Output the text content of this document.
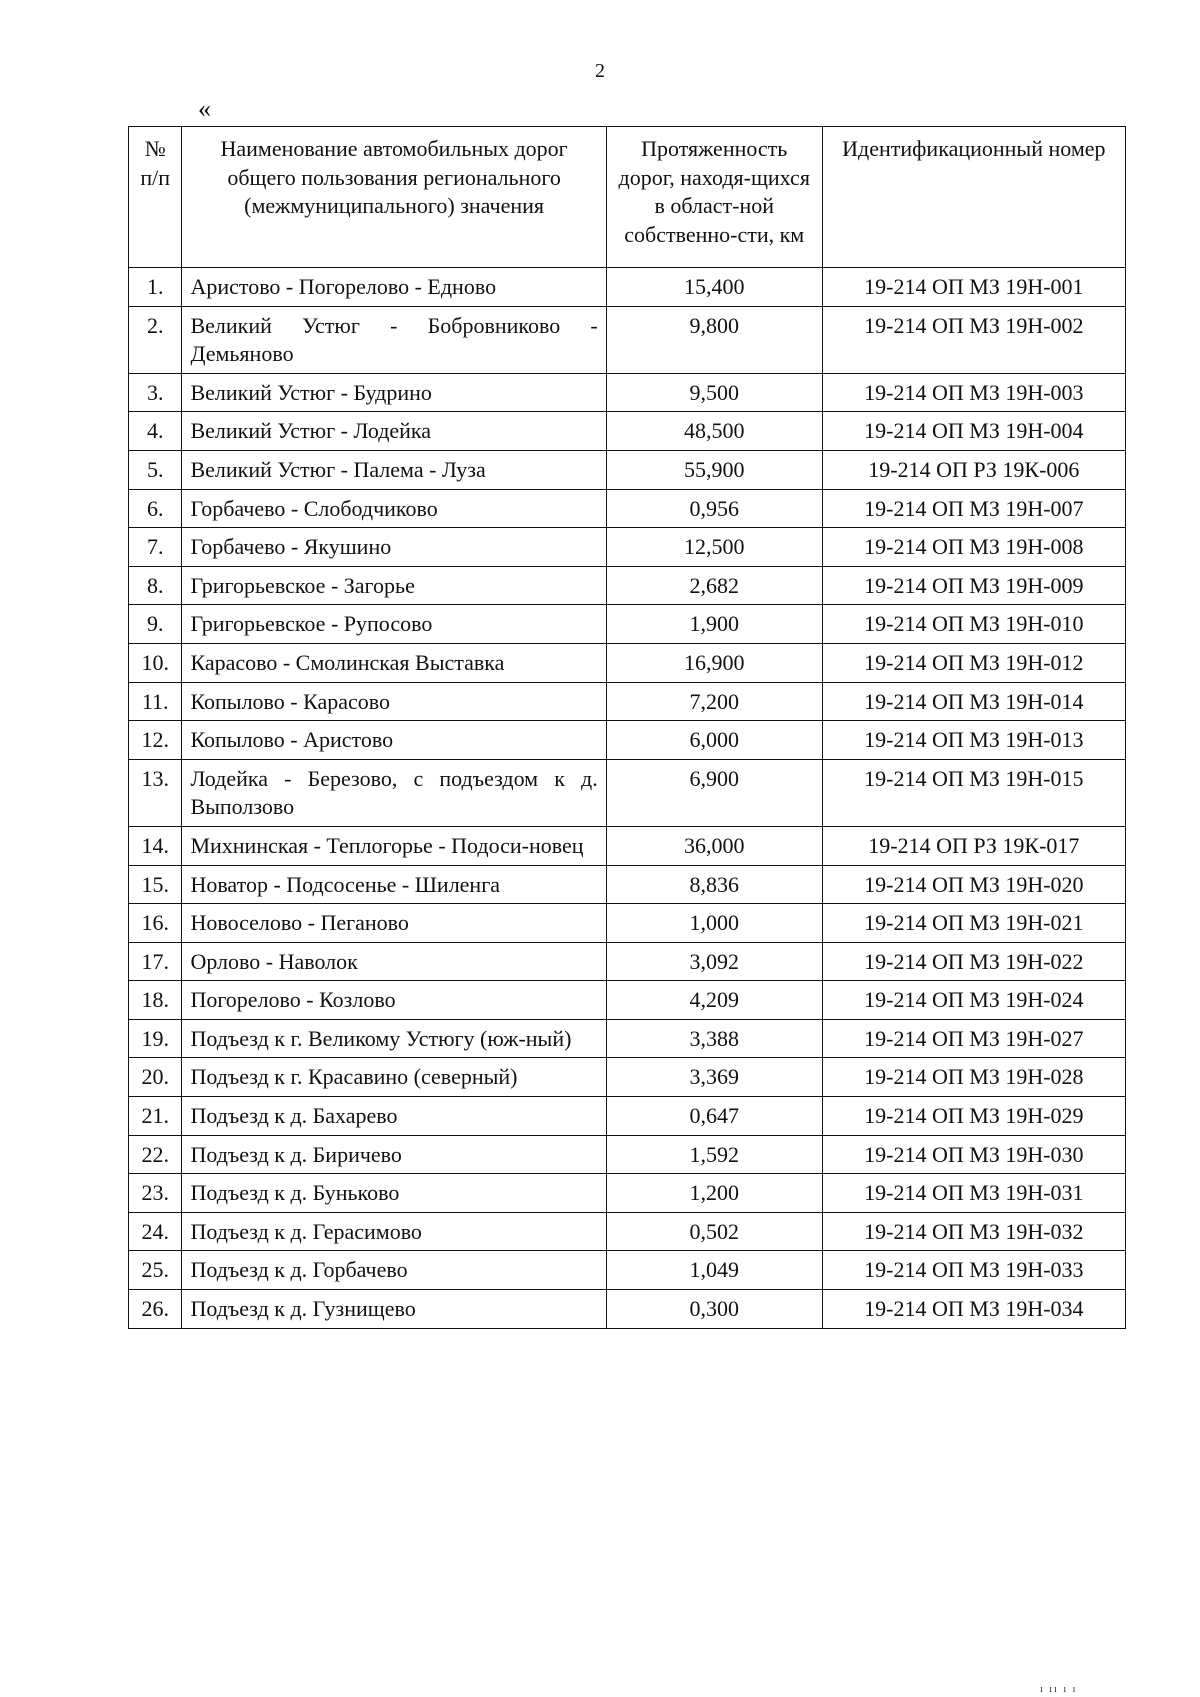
2
«
№ п/п	Наименование автомобильных дорог общего пользования регионального (межмуниципального) значения	Протяженность дорог, находя-щихся в област-ной собственно-сти, км	Идентификационный номер
1.	Аристово - Погорелово - Едново	15,400	19-214 ОП МЗ 19Н-001
2.	Великий Устюг - Бобровниково - Демьяново	9,800	19-214 ОП МЗ 19Н-002
3.	Великий Устюг - Будрино	9,500	19-214 ОП МЗ 19Н-003
4.	Великий Устюг - Лодейка	48,500	19-214 ОП МЗ 19Н-004
5.	Великий Устюг - Палема - Луза	55,900	19-214 ОП РЗ 19К-006
6.	Горбачево - Слободчиково	0,956	19-214 ОП МЗ 19Н-007
7.	Горбачево - Якушино	12,500	19-214 ОП МЗ 19Н-008
8.	Григорьевское - Загорье	2,682	19-214 ОП МЗ 19Н-009
9.	Григорьевское - Рупосово	1,900	19-214 ОП МЗ 19Н-010
10.	Карасово - Смолинская Выставка	16,900	19-214 ОП МЗ 19Н-012
11.	Копылово - Карасово	7,200	19-214 ОП МЗ 19Н-014
12.	Копылово - Аристово	6,000	19-214 ОП МЗ 19Н-013
13.	Лодейка - Березово, с подъездом к д. Выползово	6,900	19-214 ОП МЗ 19Н-015
14.	Михнинская - Теплогорье - Подоси-новец	36,000	19-214 ОП РЗ 19К-017
15.	Новатор - Подсосенье - Шиленга	8,836	19-214 ОП МЗ 19Н-020
16.	Новоселово - Пеганово	1,000	19-214 ОП МЗ 19Н-021
17.	Орлово - Наволок	3,092	19-214 ОП МЗ 19Н-022
18.	Погорелово - Козлово	4,209	19-214 ОП МЗ 19Н-024
19.	Подъезд к г. Великому Устюгу (юж-ный)	3,388	19-214 ОП МЗ 19Н-027
20.	Подъезд к г. Красавино (северный)	3,369	19-214 ОП МЗ 19Н-028
21.	Подъезд к д. Бахарево	0,647	19-214 ОП МЗ 19Н-029
22.	Подъезд к д. Биричево	1,592	19-214 ОП МЗ 19Н-030
23.	Подъезд к д. Буньково	1,200	19-214 ОП МЗ 19Н-031
24.	Подъезд к д. Герасимово	0,502	19-214 ОП МЗ 19Н-032
25.	Подъезд к д. Горбачево	1,049	19-214 ОП МЗ 19Н-033
26.	Подъезд к д. Гузнищево	0,300	19-214 ОП МЗ 19Н-034
ı ıı ı ı
